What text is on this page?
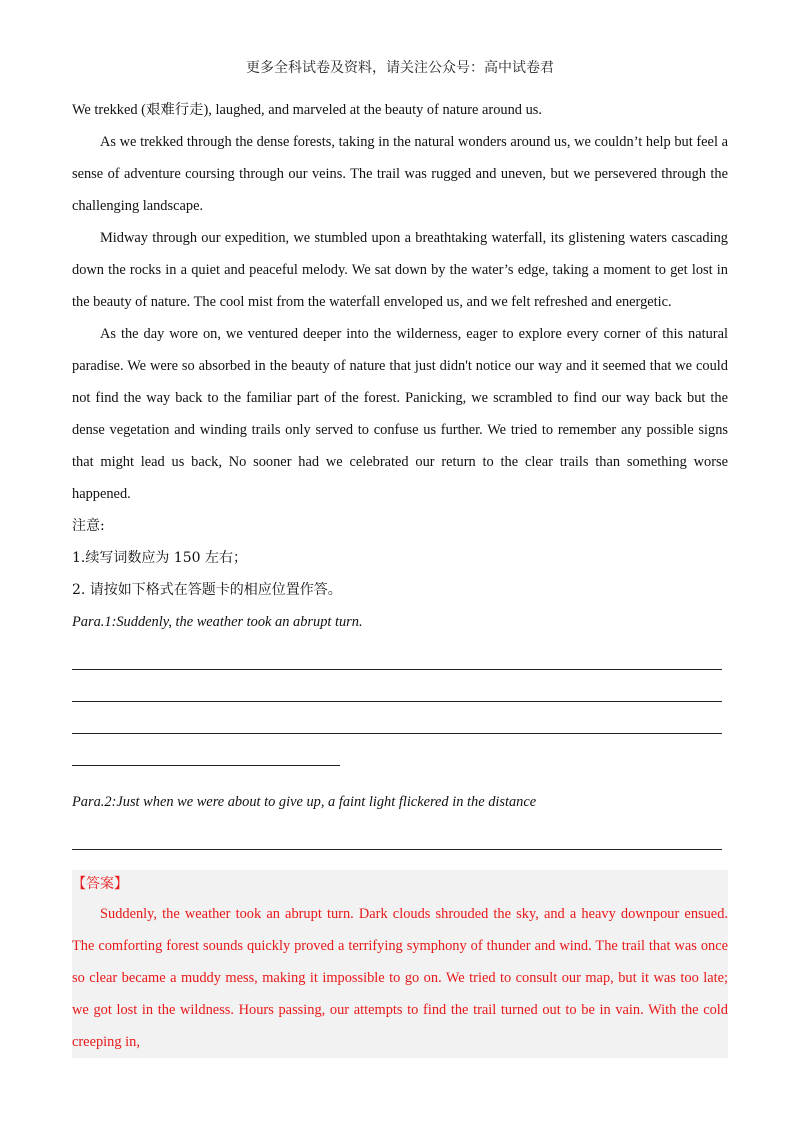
更多全科试卷及资料，请关注公众号：高中试卷君

We trekked (艰难行走), laughed, and marveled at the beauty of nature around us.

As we trekked through the dense forests, taking in the natural wonders around us, we couldn’t help but feel a sense of adventure coursing through our veins. The trail was rugged and uneven, but we persevered through the challenging landscape.

Midway through our expedition, we stumbled upon a breathtaking waterfall, its glistening waters cascading down the rocks in a quiet and peaceful melody. We sat down by the water’s edge, taking a moment to get lost in the beauty of nature. The cool mist from the waterfall enveloped us, and we felt refreshed and energetic.

As the day wore on, we ventured deeper into the wilderness, eager to explore every corner of this natural paradise. We were so absorbed in the beauty of nature that just didn't notice our way and it seemed that we could not find the way back to the familiar part of the forest. Panicking, we scrambled to find our way back but the dense vegetation and winding trails only served to confuse us further. We tried to remember any possible signs that might lead us back, No sooner had we celebrated our return to the clear trails than something worse happened.

注意:
1.续写词数应为 150 左右；
2. 请按如下格式在答题卡的相应位置作答。
Para.1:Suddenly, the weather took an abrupt turn.
Para.2:Just when we were about to give up, a faint light flickered in the distance
【答案】

Suddenly, the weather took an abrupt turn. Dark clouds shrouded the sky, and a heavy downpour ensued. The comforting forest sounds quickly proved a terrifying symphony of thunder and wind. The trail that was once so clear became a muddy mess, making it impossible to go on. We tried to consult our map, but it was too late; we got lost in the wildness. Hours passing, our attempts to find the trail turned out to be in vain. With the cold creeping in,
